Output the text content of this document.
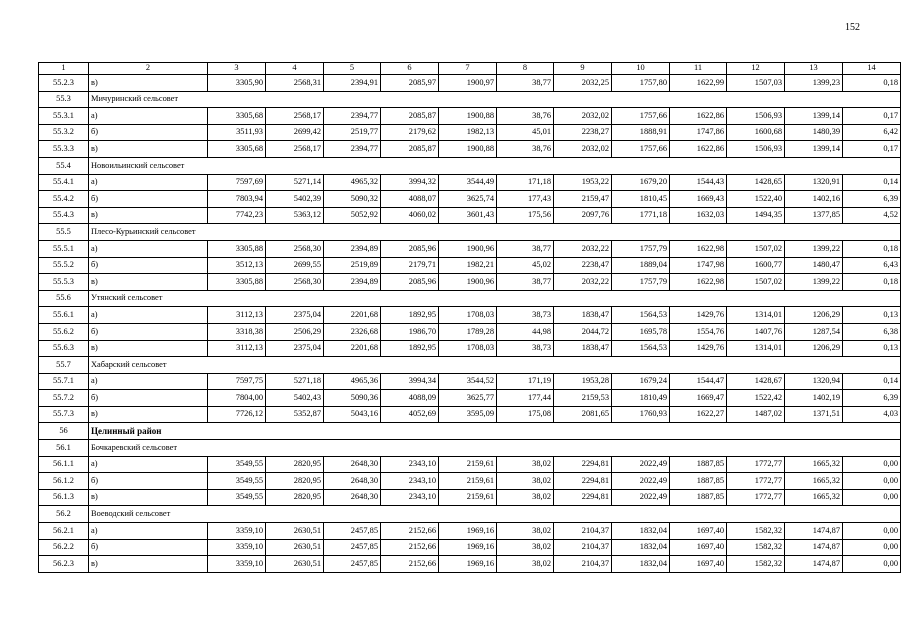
152
1	2	3	4	5	6	7	8	9	10	11	12	13	14
55.2.3	в)	3305,90	2568,31	2394,91	2085,97	1900,97	38,77	2032,25	1757,80	1622,99	1507,03	1399,23	0,18
55.3	Мичуринский сельсовет												
55.3.1	а)	3305,68	2568,17	2394,77	2085,87	1900,88	38,76	2032,02	1757,66	1622,86	1506,93	1399,14	0,17
55.3.2	б)	3511,93	2699,42	2519,77	2179,62	1982,13	45,01	2238,27	1888,91	1747,86	1600,68	1480,39	6,42
55.3.3	в)	3305,68	2568,17	2394,77	2085,87	1900,88	38,76	2032,02	1757,66	1622,86	1506,93	1399,14	0,17
55.4	Новоильинский сельсовет												
55.4.1	а)	7597,69	5271,14	4965,32	3994,32	3544,49	171,18	1953,22	1679,20	1544,43	1428,65	1320,91	0,14
55.4.2	б)	7803,94	5402,39	5090,32	4088,07	3625,74	177,43	2159,47	1810,45	1669,43	1522,40	1402,16	6,39
55.4.3	в)	7742,23	5363,12	5052,92	4060,02	3601,43	175,56	2097,76	1771,18	1632,03	1494,35	1377,85	4,52
55.5	Плесо-Курьинский сельсовет												
55.5.1	а)	3305,88	2568,30	2394,89	2085,96	1900,96	38,77	2032,22	1757,79	1622,98	1507,02	1399,22	0,18
55.5.2	б)	3512,13	2699,55	2519,89	2179,71	1982,21	45,02	2238,47	1889,04	1747,98	1600,77	1480,47	6,43
55.5.3	в)	3305,88	2568,30	2394,89	2085,96	1900,96	38,77	2032,22	1757,79	1622,98	1507,02	1399,22	0,18
55.6	Утянский сельсовет												
55.6.1	а)	3112,13	2375,04	2201,68	1892,95	1708,03	38,73	1838,47	1564,53	1429,76	1314,01	1206,29	0,13
55.6.2	б)	3318,38	2506,29	2326,68	1986,70	1789,28	44,98	2044,72	1695,78	1554,76	1407,76	1287,54	6,38
55.6.3	в)	3112,13	2375,04	2201,68	1892,95	1708,03	38,73	1838,47	1564,53	1429,76	1314,01	1206,29	0,13
55.7	Хабарский сельсовет												
55.7.1	а)	7597,75	5271,18	4965,36	3994,34	3544,52	171,19	1953,28	1679,24	1544,47	1428,67	1320,94	0,14
55.7.2	б)	7804,00	5402,43	5090,36	4088,09	3625,77	177,44	2159,53	1810,49	1669,47	1522,42	1402,19	6,39
55.7.3	в)	7726,12	5352,87	5043,16	4052,69	3595,09	175,08	2081,65	1760,93	1622,27	1487,02	1371,51	4,03
56	Целинный район												
56.1	Бочкаревский сельсовет												
56.1.1	а)	3549,55	2820,95	2648,30	2343,10	2159,61	38,02	2294,81	2022,49	1887,85	1772,77	1665,32	0,00
56.1.2	б)	3549,55	2820,95	2648,30	2343,10	2159,61	38,02	2294,81	2022,49	1887,85	1772,77	1665,32	0,00
56.1.3	в)	3549,55	2820,95	2648,30	2343,10	2159,61	38,02	2294,81	2022,49	1887,85	1772,77	1665,32	0,00
56.2	Воеводский сельсовет												
56.2.1	а)	3359,10	2630,51	2457,85	2152,66	1969,16	38,02	2104,37	1832,04	1697,40	1582,32	1474,87	0,00
56.2.2	б)	3359,10	2630,51	2457,85	2152,66	1969,16	38,02	2104,37	1832,04	1697,40	1582,32	1474,87	0,00
56.2.3	в)	3359,10	2630,51	2457,85	2152,66	1969,16	38,02	2104,37	1832,04	1697,40	1582,32	1474,87	0,00
